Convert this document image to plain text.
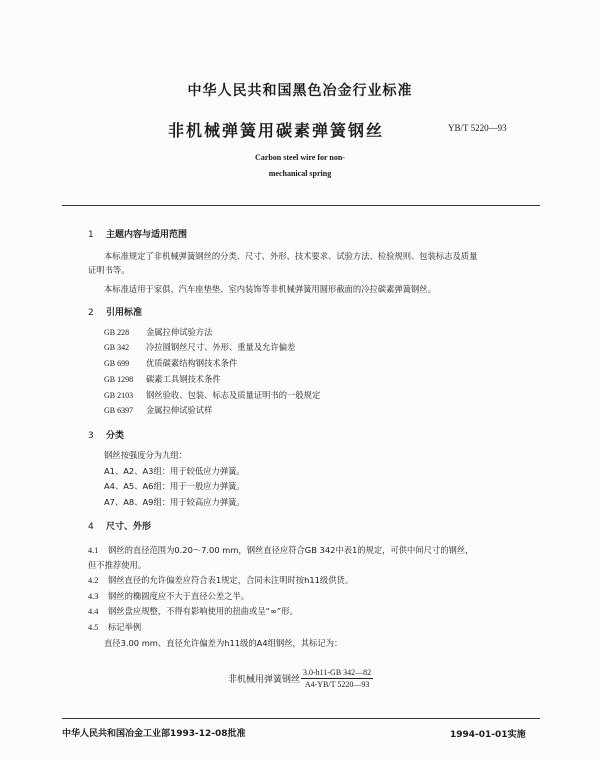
中华人民共和国黑色冶金行业标准
非机械弹簧用碳素弹簧钢丝	YB/T 5220—93
Carbon steel wire for non-
mechanical spring
1 主题内容与适用范围
本标准规定了非机械弹簧钢丝的分类、尺寸、外形、技术要求、试验方法、检验规则、包装标志及质量
证明书等。
本标准适用于家俱、汽车座垫垫、室内装饰等非机械弹簧用圆形截面的冷拉碳素弹簧钢丝。
2 引用标准
GB 228 金属拉伸试验方法
GB 342 冷拉圆钢丝尺寸、外形、重量及允许偏差
GB 699 优质碳素结构钢技术条件
GB 1298 碳素工具钢技术条件
GB 2103 钢丝验收、包装、标志及质量证明书的一般规定
GB 6397 金属拉伸试验试样
3 分类
钢丝按强度分为九组：
A1、A2、A3组：用于较低应力弹簧。
A4、A5、A6组：用于一般应力弹簧。
A7、A8、A9组：用于较高应力弹簧。
4 尺寸、外形
4.1 钢丝的直径范围为0.20～7.00 mm，钢丝直径应符合GB 342中表1的规定，可供中间尺寸的钢丝，
但不推荐使用。
4.2 钢丝直径的允许偏差应符合表1规定，合同未注明时按h11级供货。
4.3 钢丝的椭圆度应不大于直径公差之半。
4.4 钢丝盘应规整，不得有影响使用的扭曲或呈“∞”形。
4.5 标记举例
直径3.00 mm、直径允许偏差为h11级的A4组钢丝，其标记为：
非机械用弹簧钢丝 $\frac{3.0-h11-GB 342—82}{A4-YB/T 5220—93}$
中华人民共和国冶金工业部1993-12-08批准	1994-01-01实施
